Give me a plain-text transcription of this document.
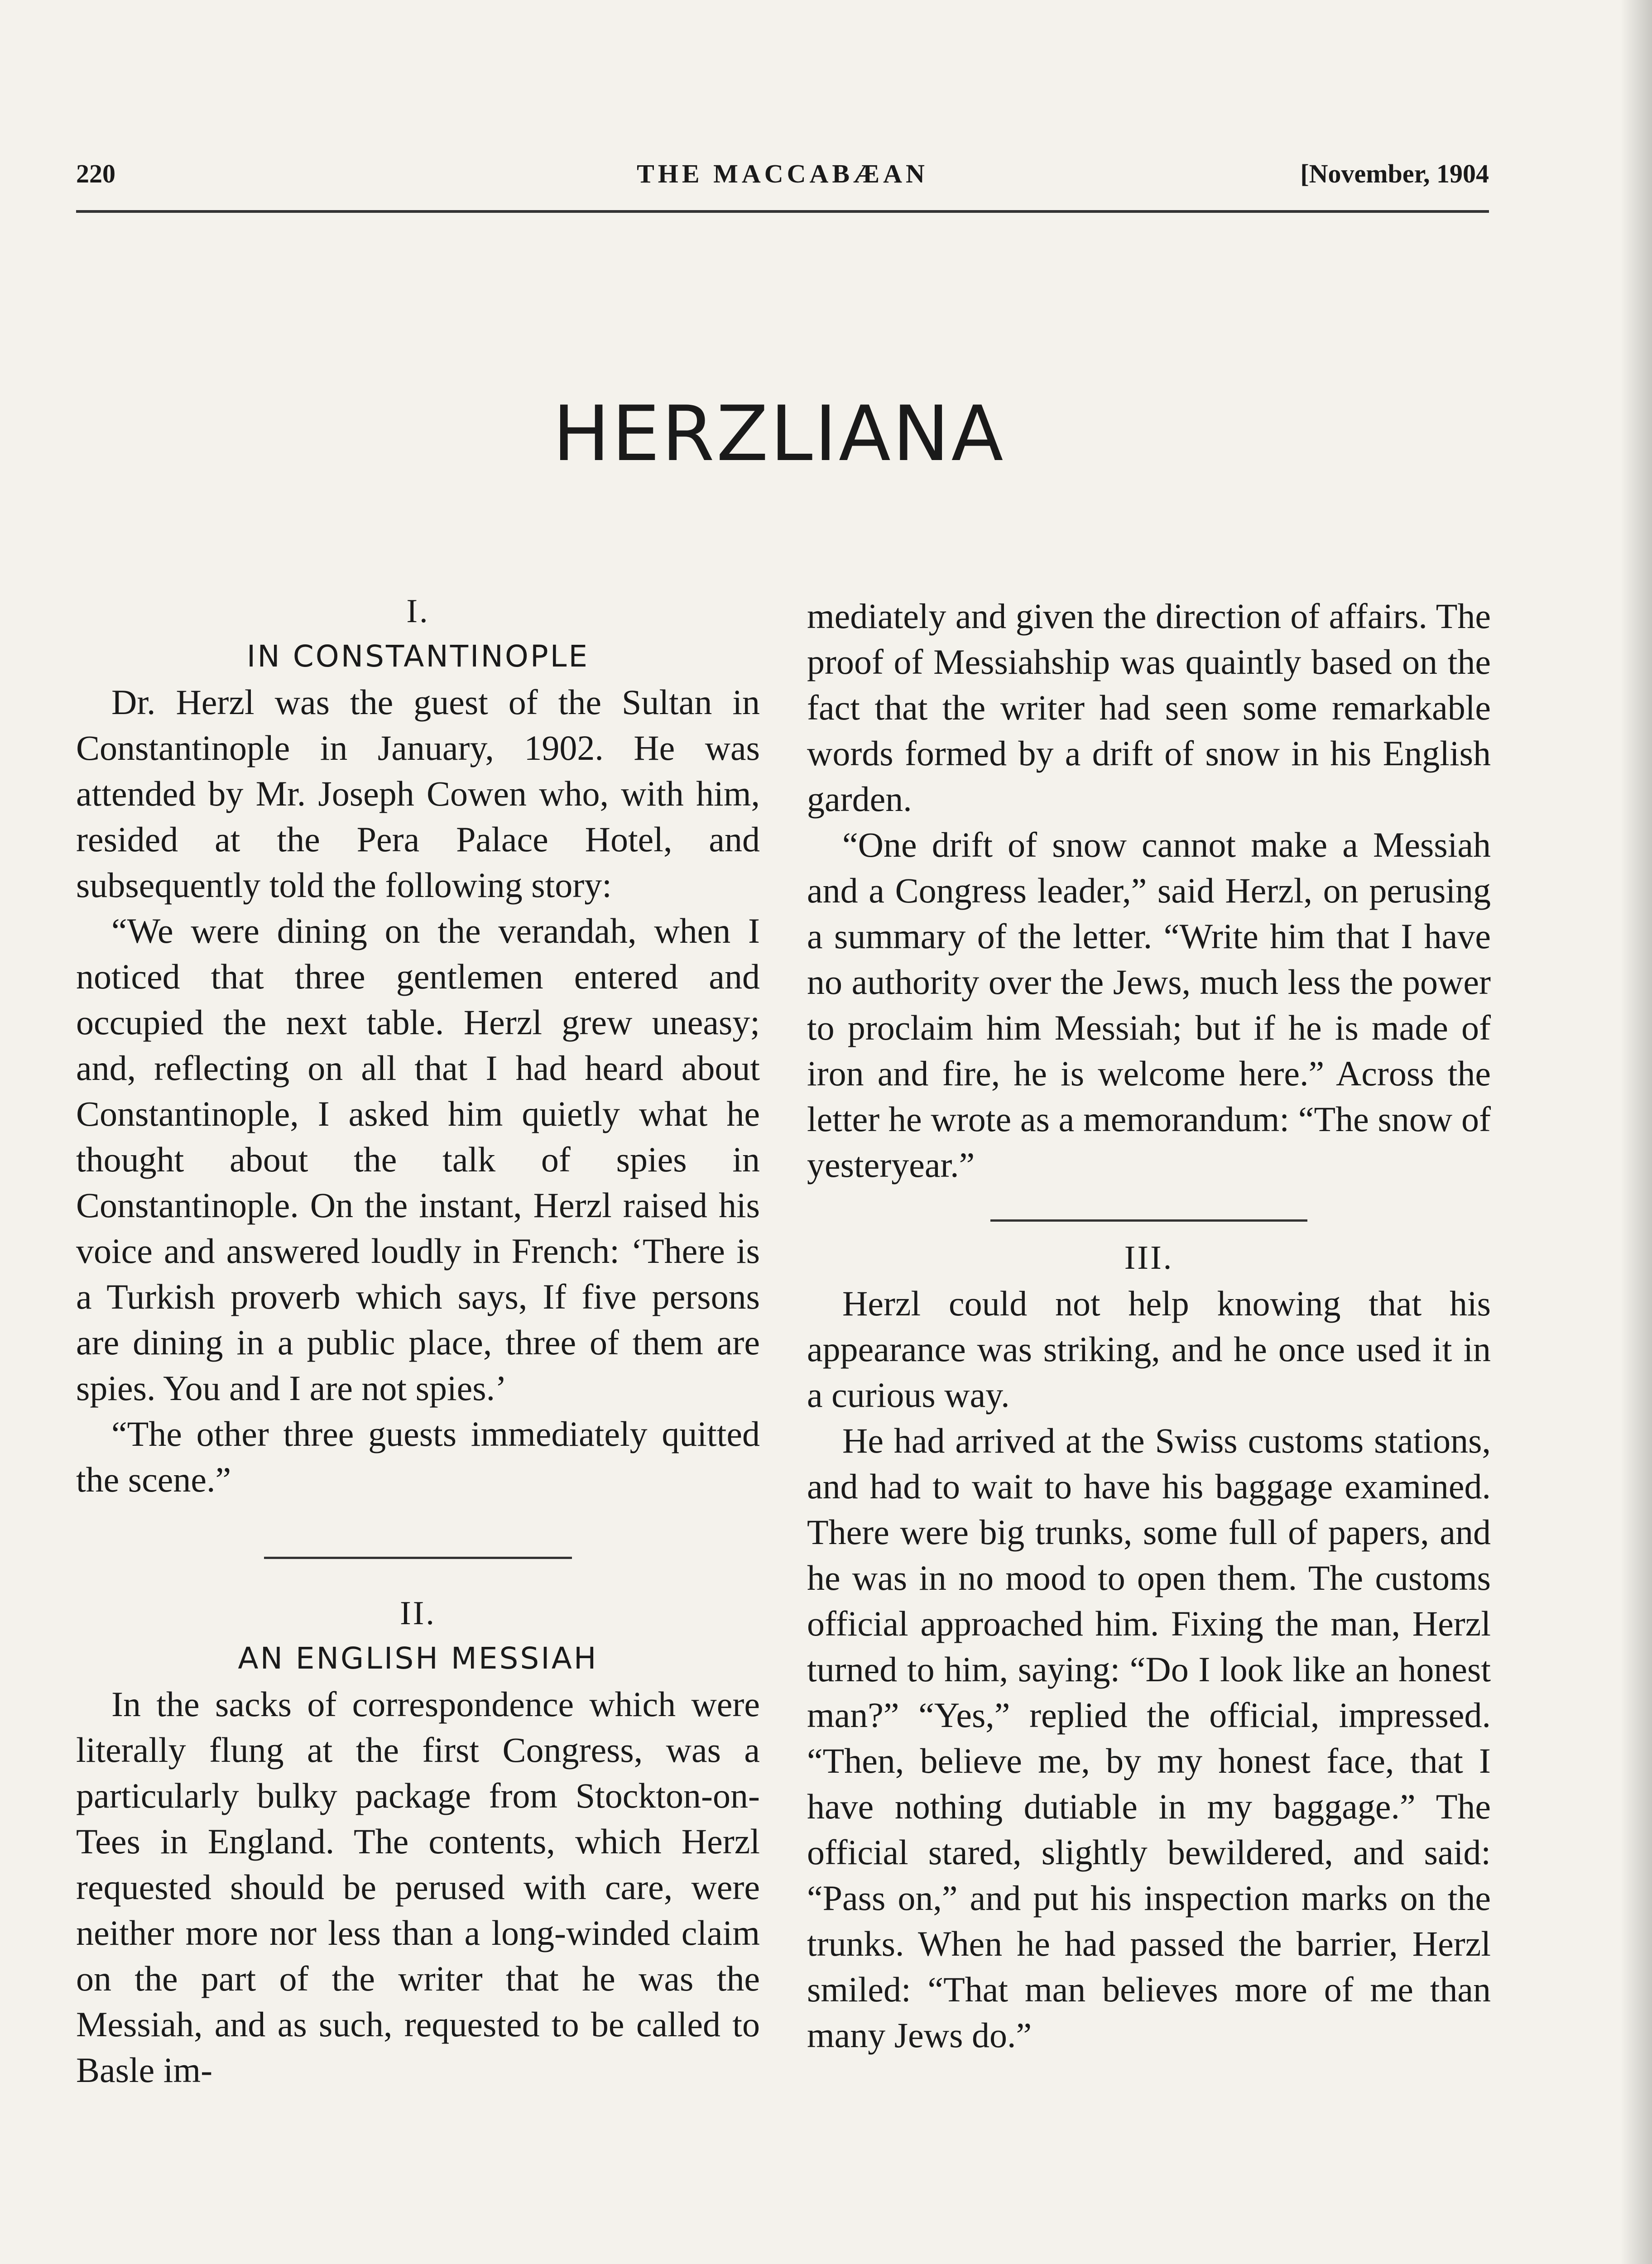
220	THE MACCABÆAN	[November, 1904
HERZLIANA
I.
IN CONSTANTINOPLE

Dr. Herzl was the guest of the Sultan in Constantinople in January, 1902. He was attended by Mr. Joseph Cowen who, with him, resided at the Pera Palace Hotel, and subsequently told the following story:

“We were dining on the verandah, when I noticed that three gentlemen entered and occupied the next table. Herzl grew uneasy; and, reflecting on all that I had heard about Constantinople, I asked him quietly what he thought about the talk of spies in Constantinople. On the instant, Herzl raised his voice and answered loudly in French: ‘There is a Turkish proverb which says, If five persons are dining in a public place, three of them are spies. You and I are not spies.’

“The other three guests immediately quitted the scene.”

II.
AN ENGLISH MESSIAH

In the sacks of correspondence which were literally flung at the first Congress, was a particularly bulky package from Stockton-on-Tees in England. The contents, which Herzl requested should be perused with care, were neither more nor less than a long-winded claim on the part of the writer that he was the Messiah, and as such, requested to be called to Basle im-

mediately and given the direction of affairs. The proof of Messiahship was quaintly based on the fact that the writer had seen some remarkable words formed by a drift of snow in his English garden.

“One drift of snow cannot make a Messiah and a Congress leader,” said Herzl, on perusing a summary of the letter. “Write him that I have no authority over the Jews, much less the power to proclaim him Messiah; but if he is made of iron and fire, he is welcome here.” Across the letter he wrote as a memorandum: “The snow of yesteryear.”

III.

Herzl could not help knowing that his appearance was striking, and he once used it in a curious way.

He had arrived at the Swiss customs stations, and had to wait to have his baggage examined. There were big trunks, some full of papers, and he was in no mood to open them. The customs official approached him. Fixing the man, Herzl turned to him, saying: “Do I look like an honest man?” “Yes,” replied the official, impressed. “Then, believe me, by my honest face, that I have nothing dutiable in my baggage.” The official stared, slightly bewildered, and said: “Pass on,” and put his inspection marks on the trunks. When he had passed the barrier, Herzl smiled: “That man believes more of me than many Jews do.”
